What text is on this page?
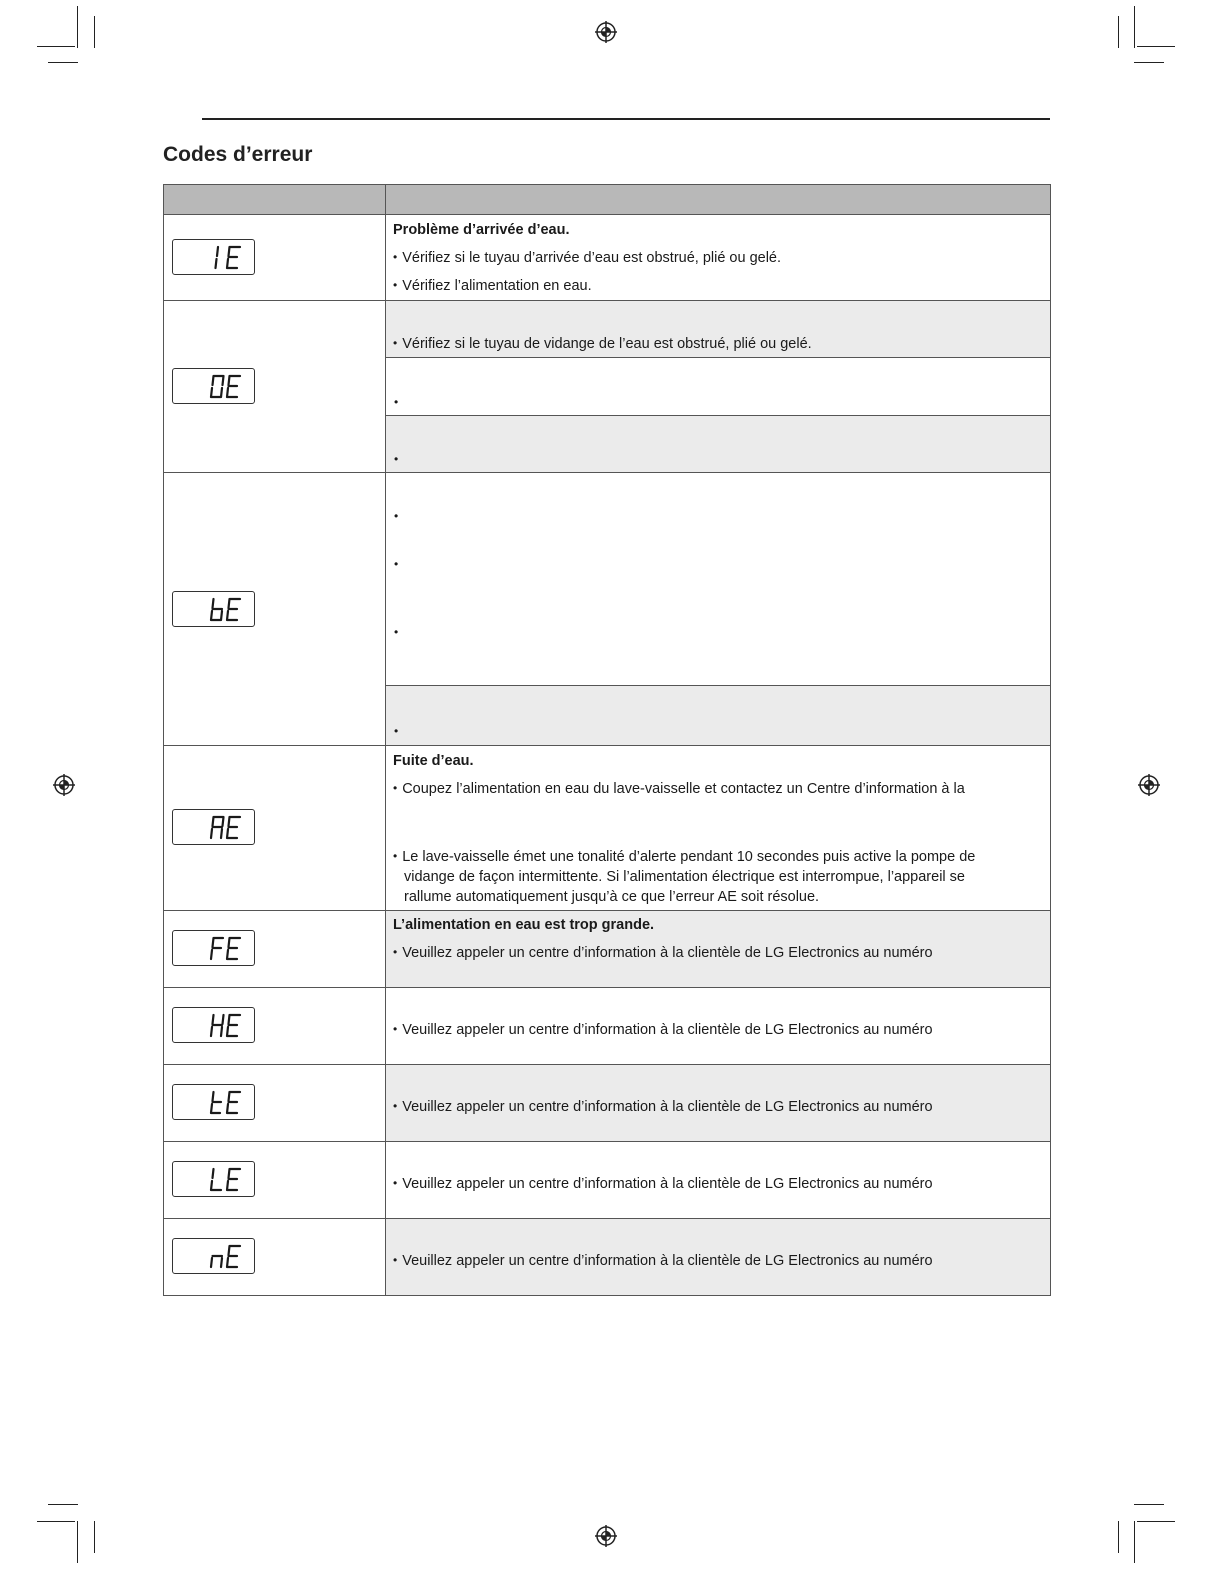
Codes d’erreur
IE
Problème d’arrivée d’eau.
• Vérifiez si le tuyau d’arrivée d’eau est obstrué, plié ou gelé.
• Vérifiez l’alimentation en eau.
• Vérifiez si le tuyau de vidange de l’eau est obstrué, plié ou gelé.
•
•
•
•
•
•
Fuite d’eau.
• Coupez l’alimentation en eau du lave-vaisselle et contactez un Centre d’information à la
• Le lave-vaisselle émet une tonalité d’alerte pendant 10 secondes puis active la pompe de
vidange de façon intermittente. Si l’alimentation électrique est interrompue, l’appareil se
rallume automatiquement jusqu’à ce que l’erreur AE soit résolue.
L’alimentation en eau est trop grande.
• Veuillez appeler un centre d’information à la clientèle de LG Electronics au numéro
• Veuillez appeler un centre d’information à la clientèle de LG Electronics au numéro
• Veuillez appeler un centre d’information à la clientèle de LG Electronics au numéro
• Veuillez appeler un centre d’information à la clientèle de LG Electronics au numéro
• Veuillez appeler un centre d’information à la clientèle de LG Electronics au numéro
